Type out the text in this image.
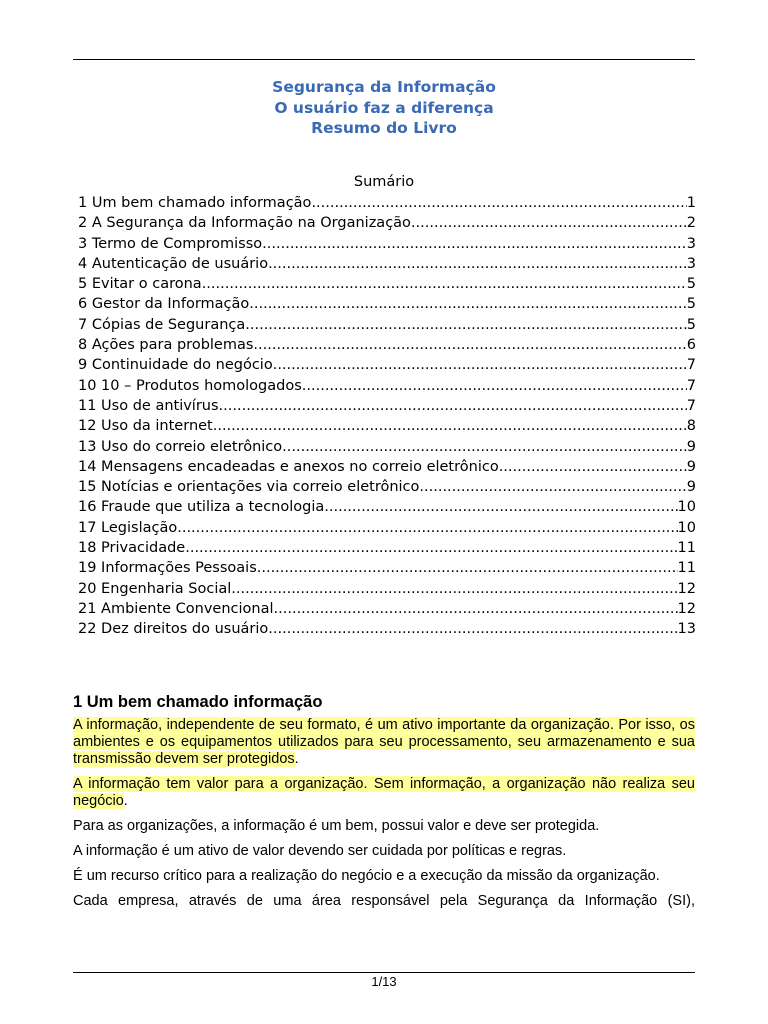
Segurança da Informação
O usuário faz a diferença
Resumo do Livro
Sumário
1 Um bem chamado informação .....	1
2 A Segurança da Informação na Organização .....	2
3 Termo de Compromisso .....	3
4 Autenticação de usuário .....	3
5 Evitar o carona .....	5
6 Gestor da Informação .....	5
7 Cópias de Segurança .....	5
8 Ações para problemas .....	6
9 Continuidade do negócio .....	7
10 10 – Produtos homologados .....	7
11 Uso de antivírus .....	7
12 Uso da internet .....	8
13 Uso do correio eletrônico .....	9
14 Mensagens encadeadas e anexos no correio eletrônico .....	9
15 Notícias e orientações via correio eletrônico .....	9
16 Fraude que utiliza a tecnologia .....	10
17 Legislação .....	10
18 Privacidade .....	11
19 Informações Pessoais .....	11
20 Engenharia Social .....	12
21 Ambiente Convencional .....	12
22 Dez direitos do usuário .....	13
1 Um bem chamado informação

A informação, independente de seu formato, é um ativo importante da organização. Por isso, os ambientes e os equipamentos utilizados para seu processamento, seu armazenamento e sua transmissão devem ser protegidos.

A informação tem valor para a organização. Sem informação, a organização não realiza seu negócio.

Para as organizações, a informação é um bem, possui valor e deve ser protegida.

A informação é um ativo de valor devendo ser cuidada por políticas e regras.

É um recurso crítico para a realização do negócio e a execução da missão da organização.

Cada empresa, através de uma área responsável pela Segurança da Informação (SI),

1/13
